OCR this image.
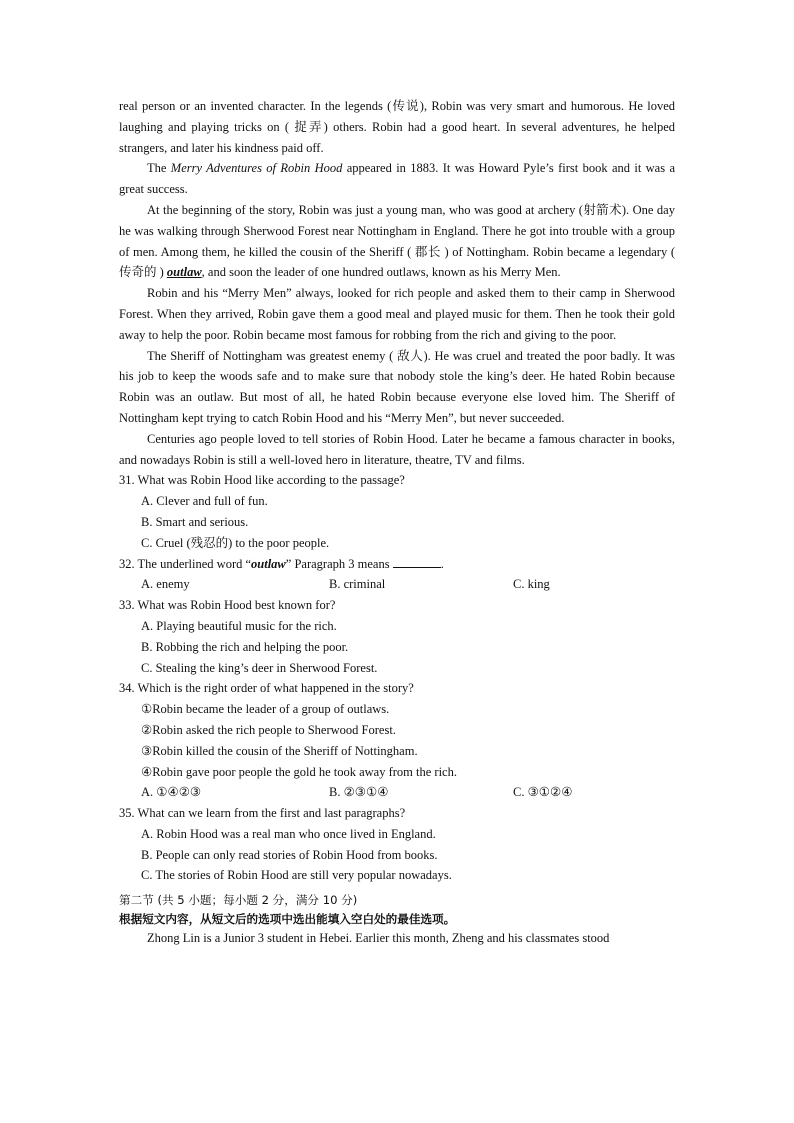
real person or an invented character. In the legends (传说), Robin was very smart and humorous. He loved laughing and playing tricks on ( 捉弄) others. Robin had a good heart. In several adventures, he helped strangers, and later his kindness paid off.

The Merry Adventures of Robin Hood appeared in 1883. It was Howard Pyle’s first book and it was a great success.

At the beginning of the story, Robin was just a young man, who was good at archery (射箭术). One day he was walking through Sherwood Forest near Nottingham in England. There he got into trouble with a group of men. Among them, he killed the cousin of the Sheriff ( 郡长 ) of Nottingham. Robin became a legendary ( 传奇的 ) outlaw, and soon the leader of one hundred outlaws, known as his Merry Men.

Robin and his “Merry Men” always, looked for rich people and asked them to their camp in Sherwood Forest. When they arrived, Robin gave them a good meal and played music for them. Then he took their gold away to help the poor. Robin became most famous for robbing from the rich and giving to the poor.

The Sheriff of Nottingham was greatest enemy ( 敌人). He was cruel and treated the poor badly. It was his job to keep the woods safe and to make sure that nobody stole the king’s deer. He hated Robin because Robin was an outlaw. But most of all, he hated Robin because everyone else loved him. The Sheriff of Nottingham kept trying to catch Robin Hood and his “Merry Men”, but never succeeded.

Centuries ago people loved to tell stories of Robin Hood. Later he became a famous character in books, and nowadays Robin is still a well-loved hero in literature, theatre, TV and films.

31. What was Robin Hood like according to the passage?

A. Clever and full of fun.

B. Smart and serious.

C. Cruel (残忍的) to the poor people.

32. The underlined word “outlaw” Paragraph 3 means	.

A. enemy	B. criminal	C. king

33. What was Robin Hood best known for?

A. Playing beautiful music for the rich.

B. Robbing the rich and helping the poor.

C. Stealing the king’s deer in Sherwood Forest.

34. Which is the right order of what happened in the story?

①Robin became the leader of a group of outlaws.

②Robin asked the rich people to Sherwood Forest.

③Robin killed the cousin of the Sheriff of Nottingham.

④Robin gave poor people the gold he took away from the rich.

A. ①④②③	B. ②③①④	C. ③①②④

35. What can we learn from the first and last paragraphs?

A. Robin Hood was a real man who once lived in England.

B. People can only read stories of Robin Hood from books.

C. The stories of Robin Hood are still very popular nowadays.

第二节 (共 5 小题；每小题 2 分，满分 10 分)

根据短文内容，从短文后的选项中选出能填入空白处的最佳选项。

Zhong Lin is a Junior 3 student in Hebei. Earlier this month, Zheng and his classmates stood
